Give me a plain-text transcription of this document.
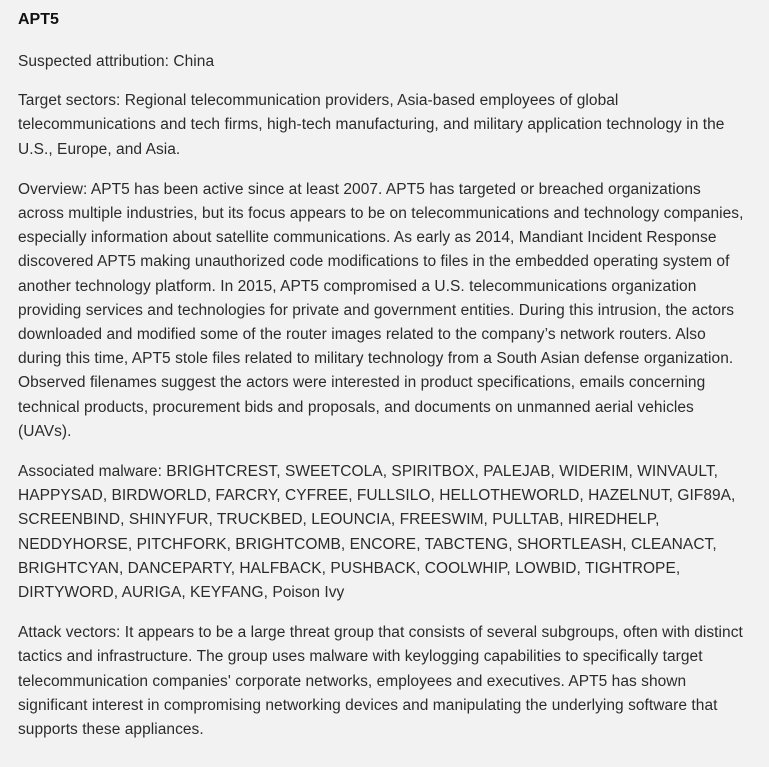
APT5

Suspected attribution: China

Target sectors: Regional telecommunication providers, Asia-based employees of global telecommunications and tech firms, high-tech manufacturing, and military application technology in the U.S., Europe, and Asia.

Overview: APT5 has been active since at least 2007. APT5 has targeted or breached organizations across multiple industries, but its focus appears to be on telecommunications and technology companies, especially information about satellite communications. As early as 2014, Mandiant Incident Response discovered APT5 making unauthorized code modifications to files in the embedded operating system of another technology platform. In 2015, APT5 compromised a U.S. telecommunications organization providing services and technologies for private and government entities. During this intrusion, the actors downloaded and modified some of the router images related to the company’s network routers. Also during this time, APT5 stole files related to military technology from a South Asian defense organization. Observed filenames suggest the actors were interested in product specifications, emails concerning technical products, procurement bids and proposals, and documents on unmanned aerial vehicles (UAVs).

Associated malware: BRIGHTCREST, SWEETCOLA, SPIRITBOX, PALEJAB, WIDERIM, WINVAULT, HAPPYSAD, BIRDWORLD, FARCRY, CYFREE, FULLSILO, HELLOTHEWORLD, HAZELNUT, GIF89A, SCREENBIND, SHINYFUR, TRUCKBED, LEOUNCIA, FREESWIM, PULLTAB, HIREDHELP, NEDDYHORSE, PITCHFORK, BRIGHTCOMB, ENCORE, TABCTENG, SHORTLEASH, CLEANACT, BRIGHTCYAN, DANCEPARTY, HALFBACK, PUSHBACK, COOLWHIP, LOWBID, TIGHTROPE, DIRTYWORD, AURIGA, KEYFANG, Poison Ivy

Attack vectors: It appears to be a large threat group that consists of several subgroups, often with distinct tactics and infrastructure. The group uses malware with keylogging capabilities to specifically target telecommunication companies' corporate networks, employees and executives. APT5 has shown significant interest in compromising networking devices and manipulating the underlying software that supports these appliances.
